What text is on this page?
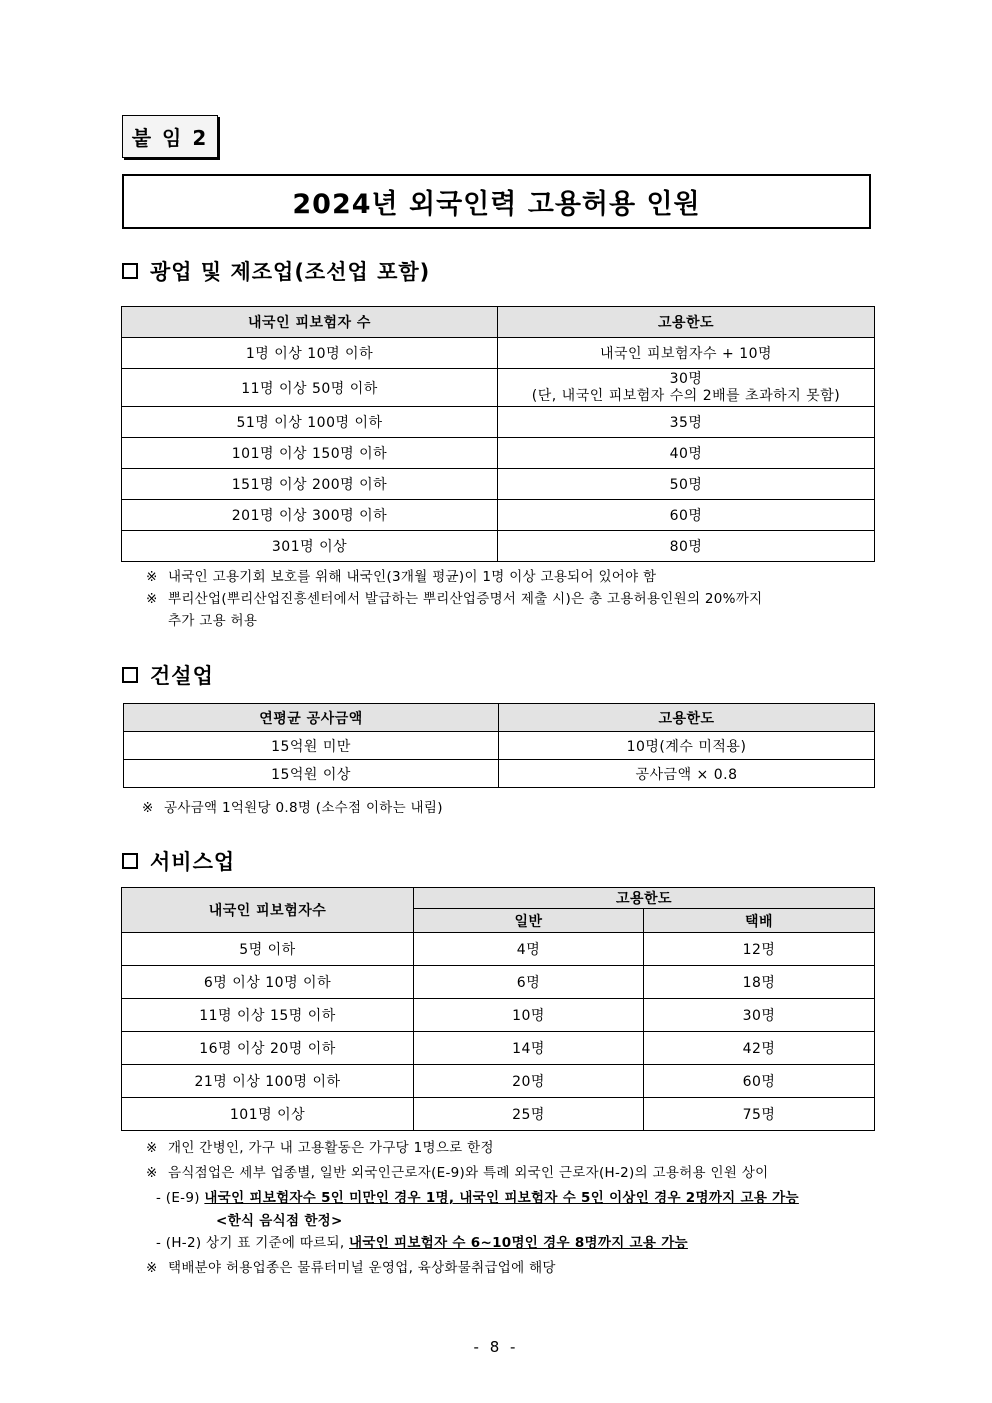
붙 임 2
2024년 외국인력 고용허용 인원
광업 및 제조업(조선업 포함)
내국인 피보험자 수	고용한도
1명 이상 10명 이하	내국인 피보험자수 + 10명
11명 이상 50명 이하	30명
(단, 내국인 피보험자 수의 2배를 초과하지 못함)

51명 이상 100명 이하	35명
101명 이상 150명 이하	40명
151명 이상 200명 이하	50명
201명 이상 300명 이하	60명
301명 이상	80명
※ 내국인 고용기회 보호를 위해 내국인(3개월 평균)이 1명 이상 고용되어 있어야 함
※ 뿌리산업(뿌리산업진흥센터에서 발급하는 뿌리산업증명서 제출 시)은 총 고용허용인원의 20%까지
추가 고용 허용
건설업
연평균 공사금액	고용한도
15억원 미만	10명(계수 미적용)
15억원 이상	공사금액 × 0.8
※ 공사금액 1억원당 0.8명 (소수점 이하는 내림)
서비스업
내국인 피보험자수	고용한도	
	일반	택배
5명 이하	4명	12명
6명 이상 10명 이하	6명	18명
11명 이상 15명 이하	10명	30명
16명 이상 20명 이하	14명	42명
21명 이상 100명 이하	20명	60명
101명 이상	25명	75명
※ 개인 간병인, 가구 내 고용활동은 가구당 1명으로 한정
※ 음식점업은 세부 업종별, 일반 외국인근로자(E-9)와 특례 외국인 근로자(H-2)의 고용허용 인원 상이
- (E-9) 내국인 피보험자수 5인 미만인 경우 1명, 내국인 피보험자 수 5인 이상인 경우 2명까지 고용 가능
<한식 음식점 한정>
- (H-2) 상기 표 기준에 따르되, 내국인 피보험자 수 6~10명인 경우 8명까지 고용 가능
※ 택배분야 허용업종은 물류터미널 운영업, 육상화물취급업에 해당
- 8 -
